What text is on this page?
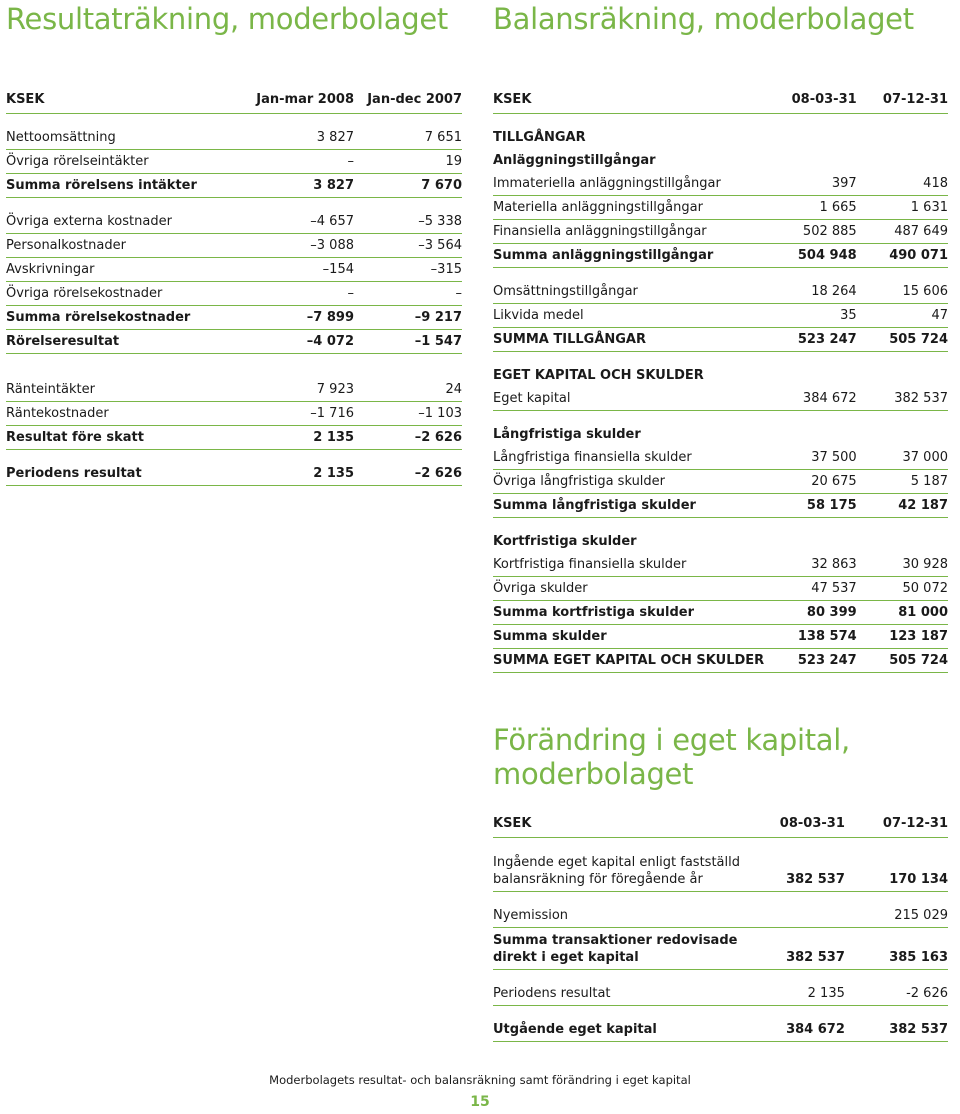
Resultaträkning, moderbolaget	Balansräkning, moderbolaget
KSEK	Jan-mar 2008	Jan-dec 2007

Nettoomsättning	3 827	7 651
Övriga rörelseintäkter	–	19
Summa rörelsens intäkter	3 827	7 670

Övriga externa kostnader	–4 657	–5 338
Personalkostnader	–3 088	–3 564
Avskrivningar	–154	–315
Övriga rörelsekostnader	–	–
Summa rörelsekostnader	–7 899	–9 217
Rörelseresultat	–4 072	–1 547

Ränteintäkter	7 923	24
Räntekostnader	–1 716	–1 103
Resultat före skatt	2 135	–2 626

Periodens resultat	2 135	–2 626
KSEK	08-03-31	07-12-31

TILLGÅNGAR		
Anläggningstillgångar		
Immateriella anläggningstillgångar	397	418
Materiella anläggningstillgångar	1 665	1 631
Finansiella anläggningstillgångar	502 885	487 649
Summa anläggningstillgångar	504 948	490 071

Omsättningstillgångar	18 264	15 606
Likvida medel	35	47
SUMMA TILLGÅNGAR	523 247	505 724

EGET KAPITAL OCH SKULDER		
Eget kapital	384 672	382 537

Långfristiga skulder		
Långfristiga finansiella skulder	37 500	37 000
Övriga långfristiga skulder	20 675	5 187
Summa långfristiga skulder	58 175	42 187

Kortfristiga skulder		
Kortfristiga finansiella skulder	32 863	30 928
Övriga skulder	47 537	50 072
Summa kortfristiga skulder	80 399	81 000
Summa skulder	138 574	123 187
SUMMA EGET KAPITAL OCH SKULDER	523 247	505 724
Förändring i eget kapital,
moderbolaget
KSEK	08-03-31	07-12-31

Ingående eget kapital enligt fastställd
balansräkning för föregående år	382 537	170 134

Nyemission		215 029
Summa transaktioner redovisade
direkt i eget kapital	382 537	385 163

Periodens resultat	2 135	-2 626

Utgående eget kapital	384 672	382 537
Moderbolagets resultat- och balansräkning samt förändring i eget kapital
15
